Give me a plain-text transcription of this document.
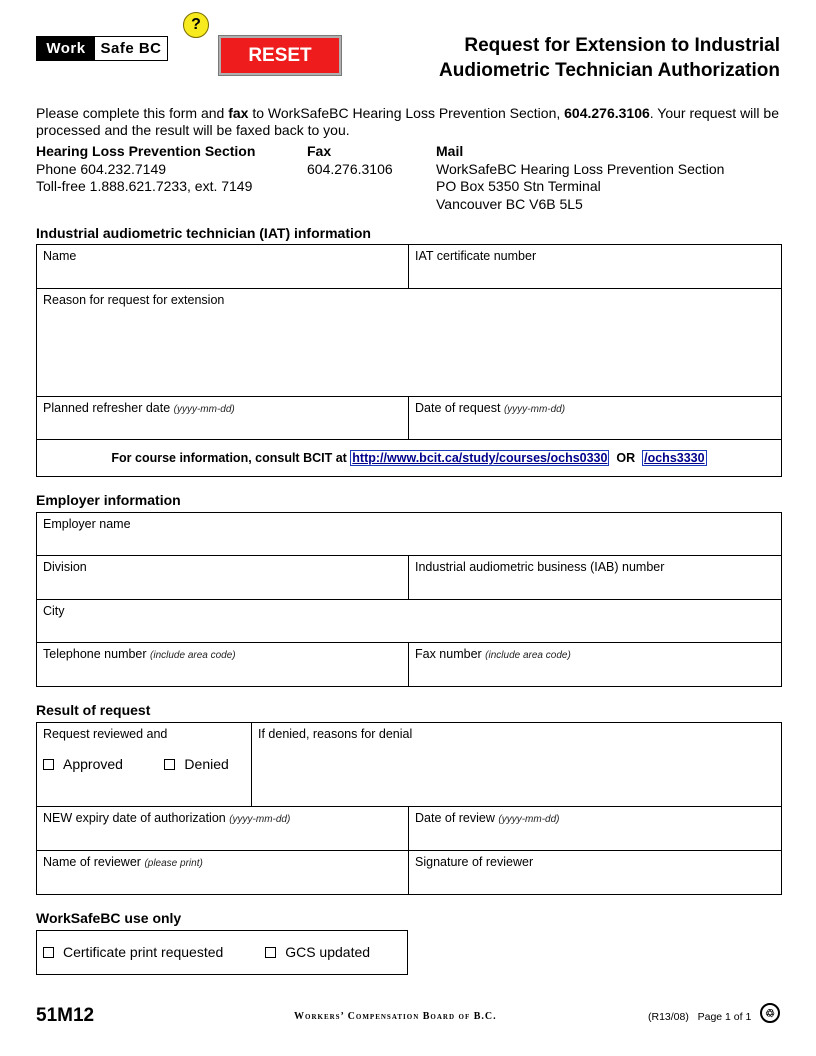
Work Safe BC
?
RESET	Request for Extension to Industrial
Audiometric Technician Authorization
Please complete this form and fax to WorkSafeBC Hearing Loss Prevention Section, 604.276.3106. Your request will be processed and the result will be faxed back to you.
Hearing Loss Prevention Section
Phone 604.232.7149
Toll-free 1.888.621.7233, ext. 7149
Fax
604.276.3106
Mail
WorkSafeBC Hearing Loss Prevention Section
PO Box 5350 Stn Terminal
Vancouver BC V6B 5L5
Industrial audiometric technician (IAT) information
Name	IAT certificate number
Reason for request for extension
Planned refresher date (yyyy-mm-dd)	Date of request (yyyy-mm-dd)
For course information, consult BCIT at http://www.bcit.ca/study/courses/ochs0330  OR  /ochs3330
Employer information
Employer name
Division	Industrial audiometric business (IAB) number
City
Telephone number (include area code)	Fax number (include area code)
Result of request
Request reviewed and
Approved	Denied
If denied, reasons for denial
NEW expiry date of authorization (yyyy-mm-dd)	Date of review (yyyy-mm-dd)
Name of reviewer (please print)	Signature of reviewer
WorkSafeBC use only
Certificate print requested	GCS updated
51M12	Workers’ Compensation Board of B.C.	(R13/08)   Page 1 of 1	♲
